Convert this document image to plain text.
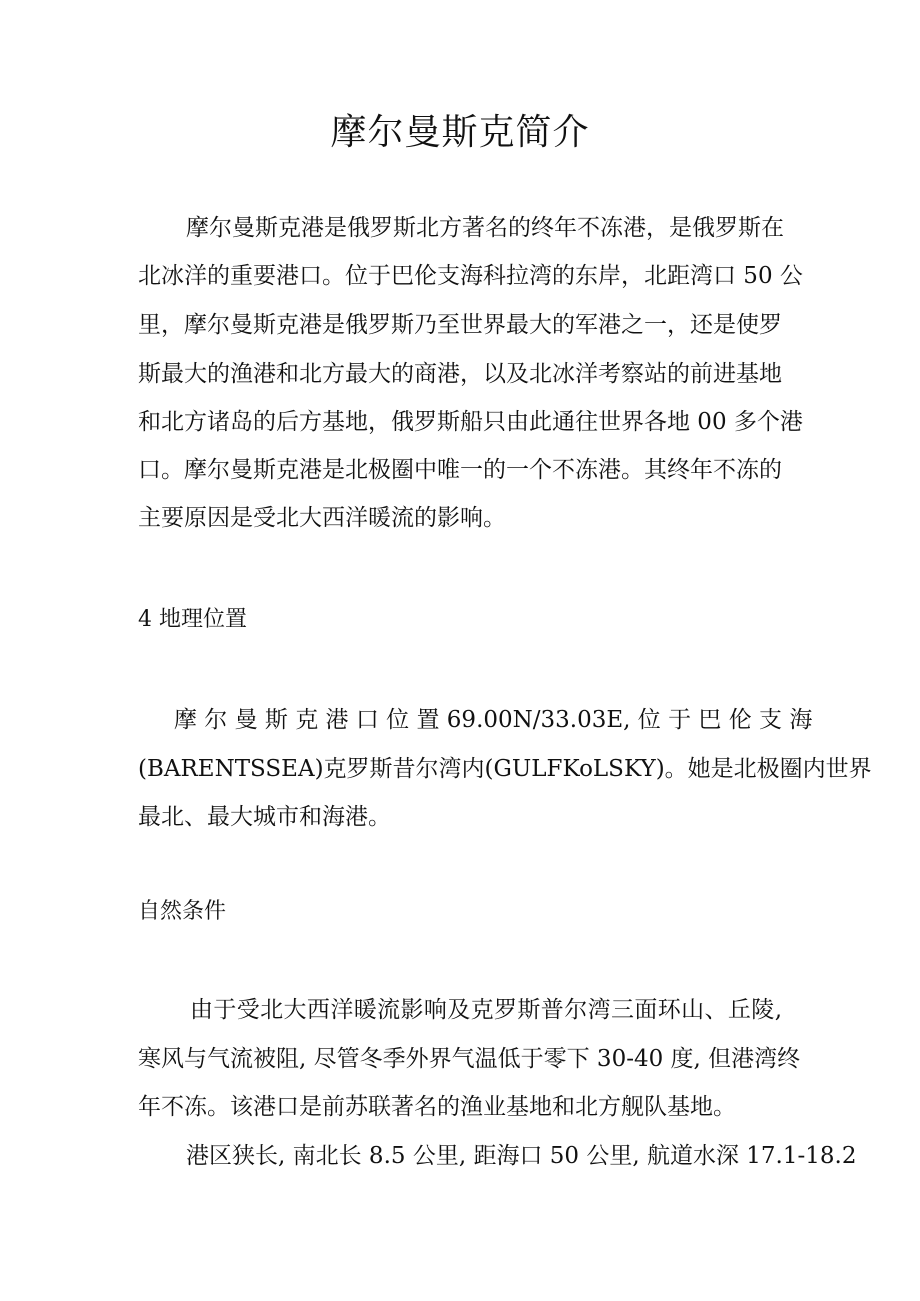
摩尔曼斯克简介

摩尔曼斯克港是俄罗斯北方著名的终年不冻港，是俄罗斯在

北冰洋的重要港口。位于巴伦支海科拉湾的东岸，北距湾口 50 公

里，摩尔曼斯克港是俄罗斯乃至世界最大的军港之一，还是使罗

斯最大的渔港和北方最大的商港，以及北冰洋考察站的前进基地

和北方诸岛的后方基地，俄罗斯船只由此通往世界各地 00 多个港

口。摩尔曼斯克港是北极圈中唯一的一个不冻港。其终年不冻的

主要原因是受北大西洋暖流的影响。

4 地理位置

摩 尔 曼 斯 克 港 口 位 置 69.00N/33.03E, 位 于 巴 伦 支 海

(BARENTSSEA)克罗斯昔尔湾内(GULFKoLSKY)。她是北极圈内世界

最北、最大城市和海港。

自然条件

由于受北大西洋暖流影响及克罗斯普尔湾三面环山、丘陵,

寒风与气流被阻, 尽管冬季外界气温低于零下 30-40 度, 但港湾终

年不冻。该港口是前苏联著名的渔业基地和北方舰队基地。

港区狭长, 南北长 8.5 公里, 距海口 50 公里, 航道水深 17.1-18.2
